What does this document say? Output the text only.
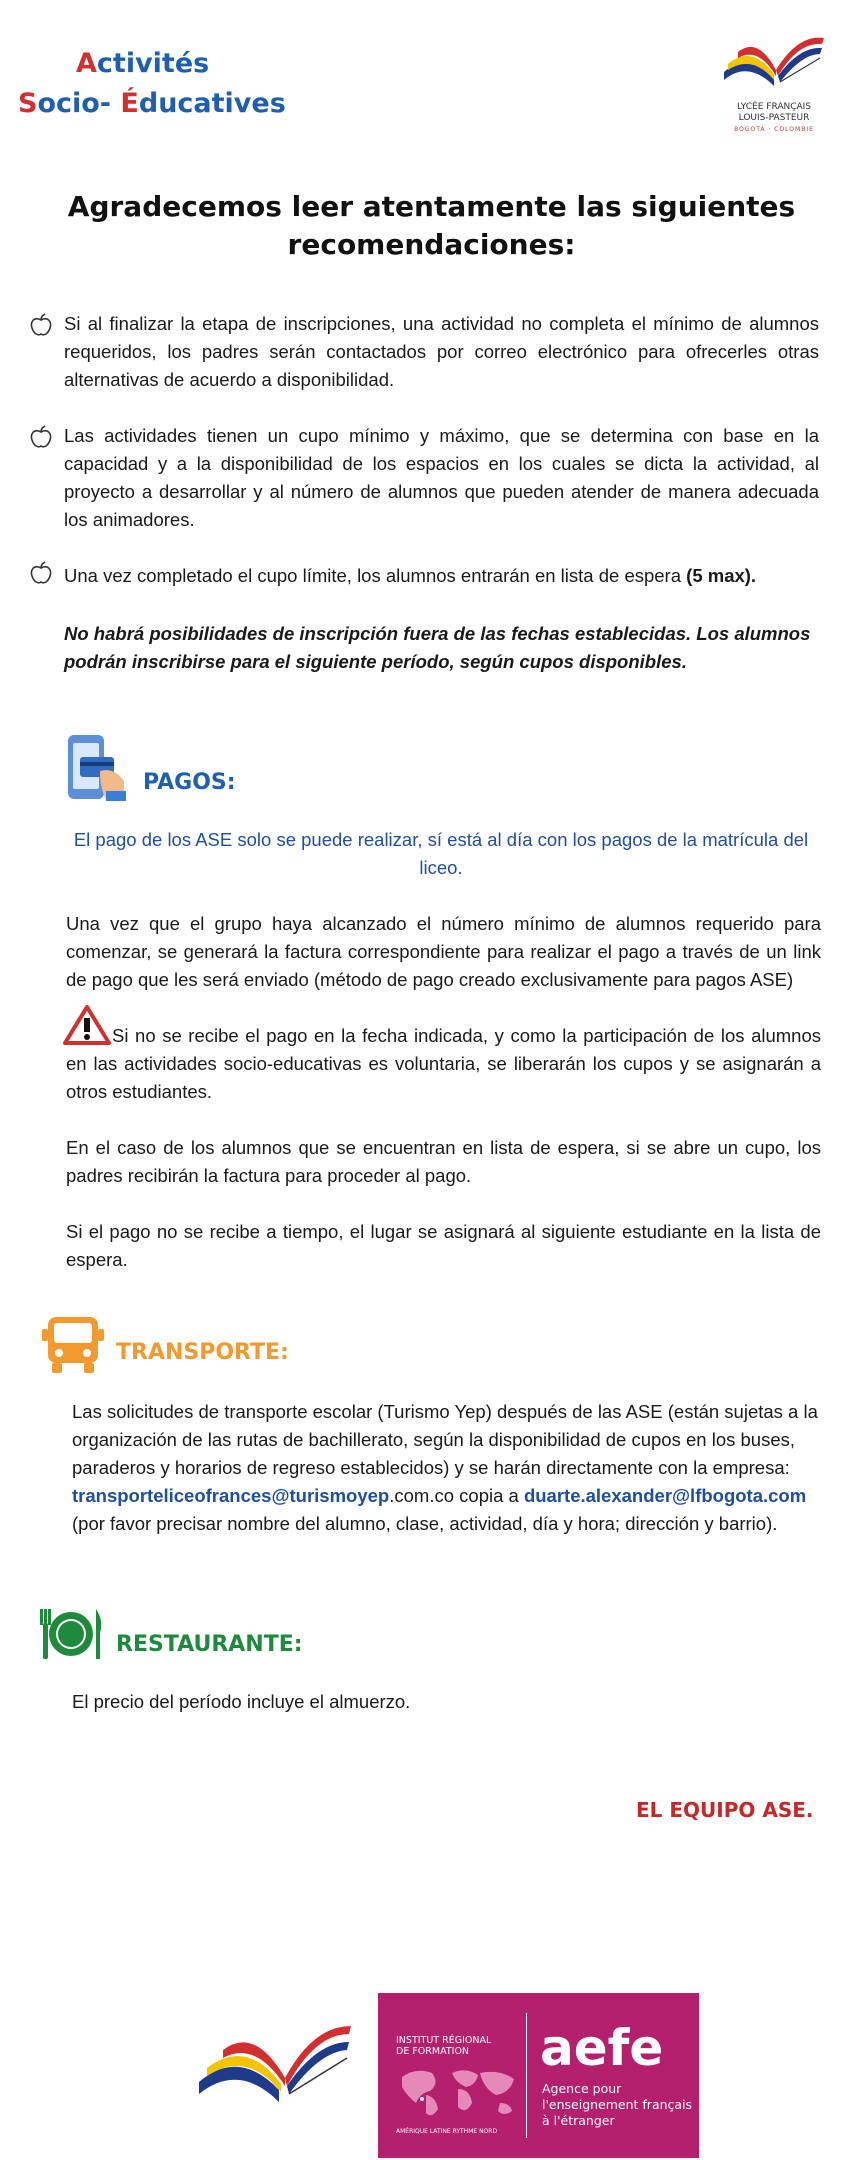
Activités
Socio- Éducatives	LYCÉE FRANÇAIS
LOUIS-PASTEUR
BOGOTÁ · COLOMBIE
Agradecemos leer atentamente las siguientes recomendaciones:
Si al finalizar la etapa de inscripciones, una actividad no completa el mínimo de alumnos requeridos, los padres serán contactados por correo electrónico para ofrecerles otras alternativas de acuerdo a disponibilidad.
Las actividades tienen un cupo mínimo y máximo, que se determina con base en la capacidad y a la disponibilidad de los espacios en los cuales se dicta la actividad, al proyecto a desarrollar y al número de alumnos que pueden atender de manera adecuada los animadores.
Una vez completado el cupo límite, los alumnos entrarán en lista de espera (5 max).
No habrá posibilidades de inscripción fuera de las fechas establecidas. Los alumnos podrán inscribirse para el siguiente período, según cupos disponibles.
PAGOS:
El pago de los ASE solo se puede realizar, sí está al día con los pagos de la matrícula del liceo.
Una vez que el grupo haya alcanzado el número mínimo de alumnos requerido para comenzar, se generará la factura correspondiente para realizar el pago a través de un link de pago que les será enviado (método de pago creado exclusivamente para pagos ASE)
Si no se recibe el pago en la fecha indicada, y como la participación de los alumnos en las actividades socio-educativas es voluntaria, se liberarán los cupos y se asignarán a otros estudiantes.
En el caso de los alumnos que se encuentran en lista de espera, si se abre un cupo, los padres recibirán la factura para proceder al pago.
Si el pago no se recibe a tiempo, el lugar se asignará al siguiente estudiante en la lista de espera.
TRANSPORTE:
Las solicitudes de transporte escolar (Turismo Yep) después de las ASE (están sujetas a la organización de las rutas de bachillerato, según la disponibilidad de cupos en los buses, paraderos y horarios de regreso establecidos) y se harán directamente con la empresa: transporteliceofrances@turismoyep.com.co copia a duarte.alexander@lfbogota.com (por favor precisar nombre del alumno, clase, actividad, día y hora; dirección y barrio).
RESTAURANTE:
El precio del período incluye el almuerzo.
EL EQUIPO ASE.
INSTITUT RÉGIONAL
DE FORMATION
AMÉRIQUE LATINE RYTHME NORD
aefe
Agence pour
l'enseignement français
à l'étranger
